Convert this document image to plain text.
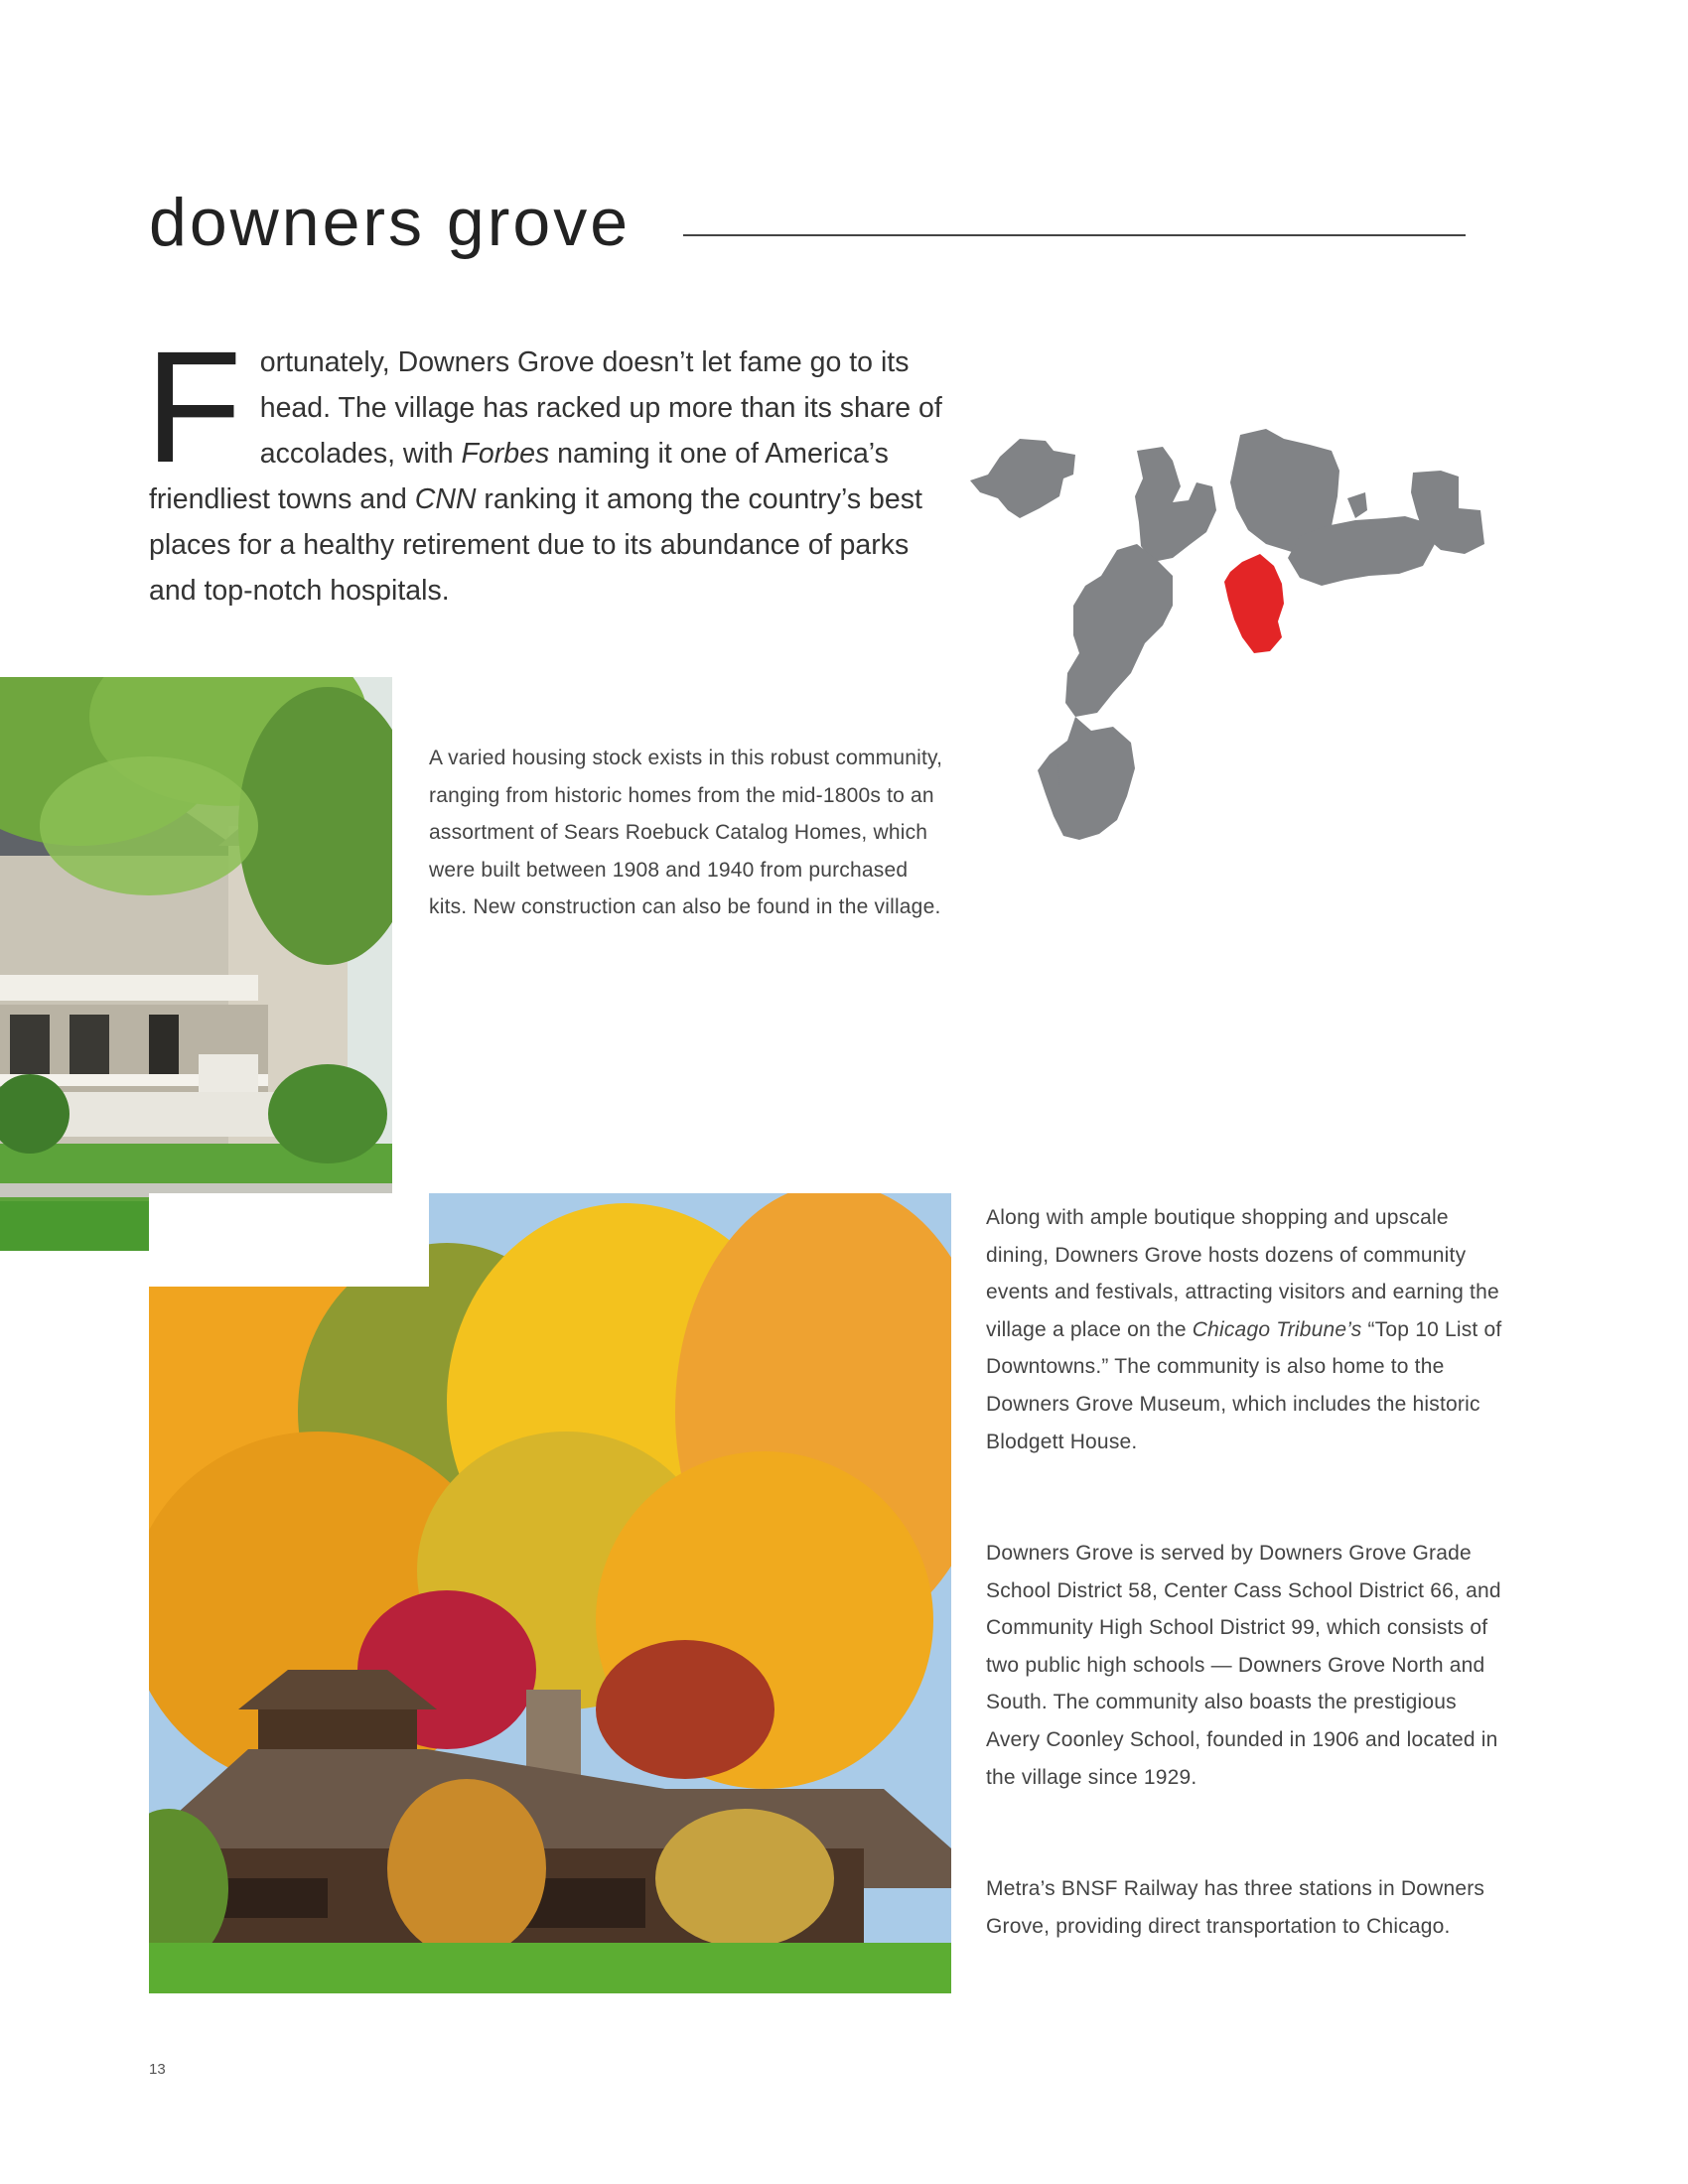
downers grove

Fortunately, Downers Grove doesn’t let fame go to its head. The village has racked up more than its share of accolades, with Forbes naming it one of America’s friendliest towns and CNN ranking it among the country’s best places for a healthy retirement due to its abundance of parks and top-notch hospitals.

A varied housing stock exists in this robust community, ranging from historic homes from the mid-1800s to an assortment of Sears Roebuck Catalog Homes, which were built between 1908 and 1940 from purchased kits. New construction can also be found in the village.

Along with ample boutique shopping and upscale dining, Downers Grove hosts dozens of community events and festivals, attracting visitors and earning the village a place on the Chicago Tribune’s “Top 10 List of Downtowns.” The community is also home to the Downers Grove Museum, which includes the historic Blodgett House.

Downers Grove is served by Downers Grove Grade School District 58, Center Cass School District 66, and Community High School District 99, which consists of two public high schools — Downers Grove North and South. The community also boasts the prestigious Avery Coonley School, founded in 1906 and located in the village since 1929.

Metra’s BNSF Railway has three stations in Downers Grove, providing direct transportation to Chicago.

13
